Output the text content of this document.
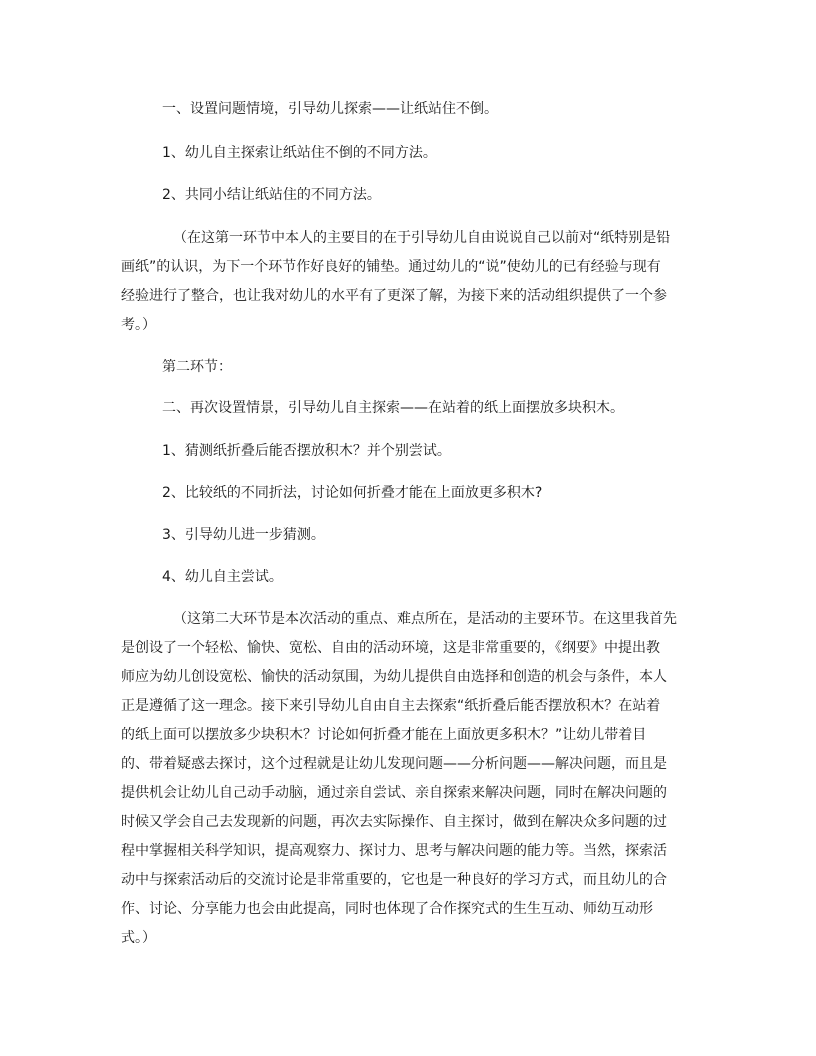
一、设置问题情境，引导幼儿探索——让纸站住不倒。
1、幼儿自主探索让纸站住不倒的不同方法。
2、共同小结让纸站住的不同方法。
（在这第一环节中本人的主要目的在于引导幼儿自由说说自己以前对“纸特别是铅
画纸”的认识，为下一个环节作好良好的铺垫。通过幼儿的“说”使幼儿的已有经验与现有
经验进行了整合，也让我对幼儿的水平有了更深了解，为接下来的活动组织提供了一个参
考。）
第二环节：
二、再次设置情景，引导幼儿自主探索——在站着的纸上面摆放多块积木。
1、猜测纸折叠后能否摆放积木？并个别尝试。
2、比较纸的不同折法，讨论如何折叠才能在上面放更多积木?
3、引导幼儿进一步猜测。
4、幼儿自主尝试。
（这第二大环节是本次活动的重点、难点所在，是活动的主要环节。在这里我首先
是创设了一个轻松、愉快、宽松、自由的活动环境，这是非常重要的，《纲要》中提出教
师应为幼儿创设宽松、愉快的活动氛围，为幼儿提供自由选择和创造的机会与条件，本人
正是遵循了这一理念。接下来引导幼儿自由自主去探索“纸折叠后能否摆放积木？在站着
的纸上面可以摆放多少块积木？讨论如何折叠才能在上面放更多积木？”让幼儿带着目
的、带着疑惑去探讨，这个过程就是让幼儿发现问题——分析问题——解决问题，而且是
提供机会让幼儿自己动手动脑，通过亲自尝试、亲自探索来解决问题，同时在解决问题的
时候又学会自己去发现新的问题，再次去实际操作、自主探讨，做到在解决众多问题的过
程中掌握相关科学知识，提高观察力、探讨力、思考与解决问题的能力等。当然，探索活
动中与探索活动后的交流讨论是非常重要的，它也是一种良好的学习方式，而且幼儿的合
作、讨论、分享能力也会由此提高，同时也体现了合作探究式的生生互动、师幼互动形
式。）
